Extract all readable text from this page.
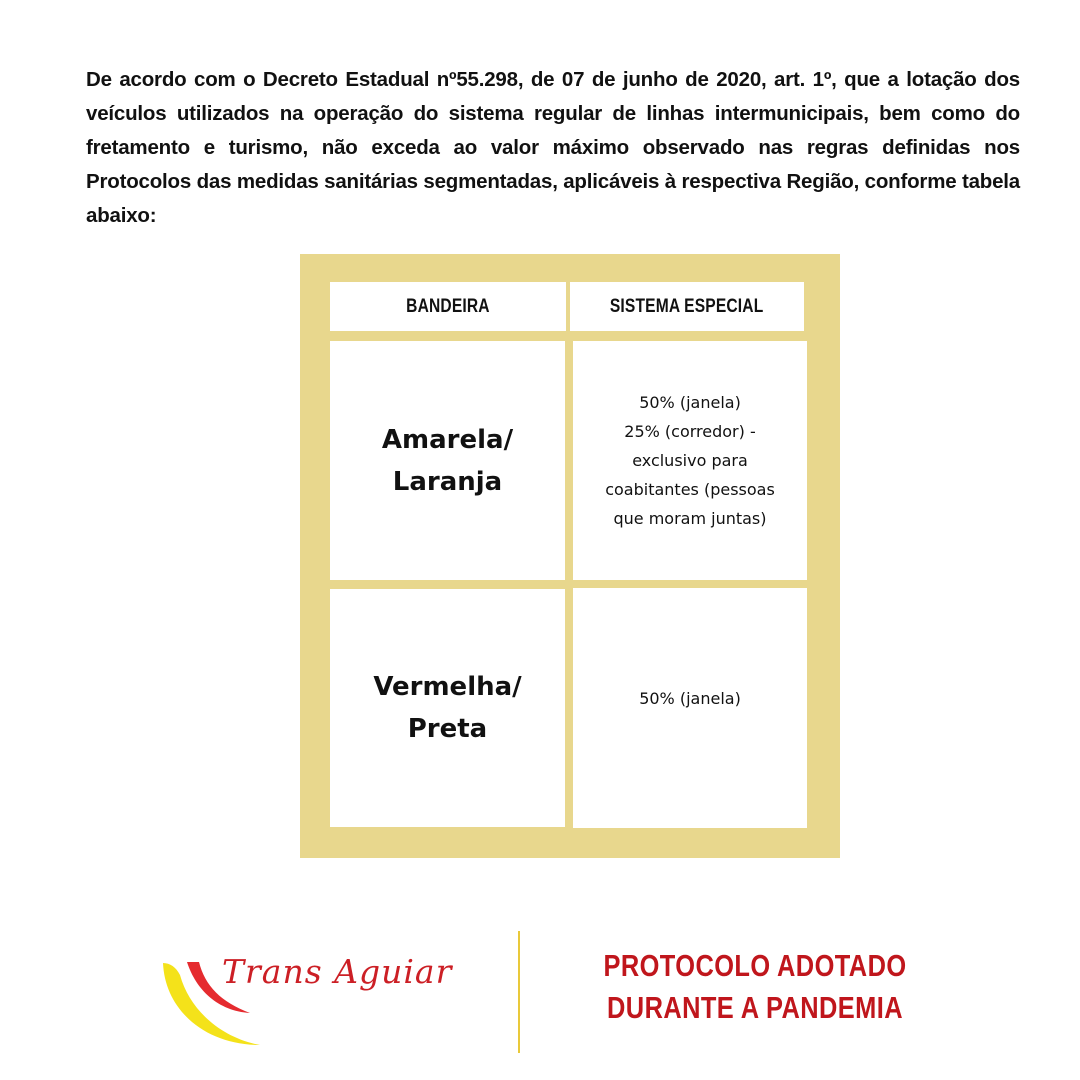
De acordo com o Decreto Estadual nº55.298, de 07 de junho de 2020, art. 1º, que a lotação dos veículos utilizados na operação do sistema regular de linhas intermunicipais, bem como do fretamento e turismo, não exceda ao valor máximo observado nas regras definidas nos Protocolos das medidas sanitárias segmentadas, aplicáveis à respectiva Região, conforme tabela abaixo:

BANDEIRA	SISTEMA ESPECIAL
Amarela/
Laranja
50% (janela)
25% (corredor) -
exclusivo para
coabitantes (pessoas
que moram juntas)
Vermelha/
Preta
50% (janela)
Trans Aguiar	PROTOCOLO ADOTADO
DURANTE A PANDEMIA
